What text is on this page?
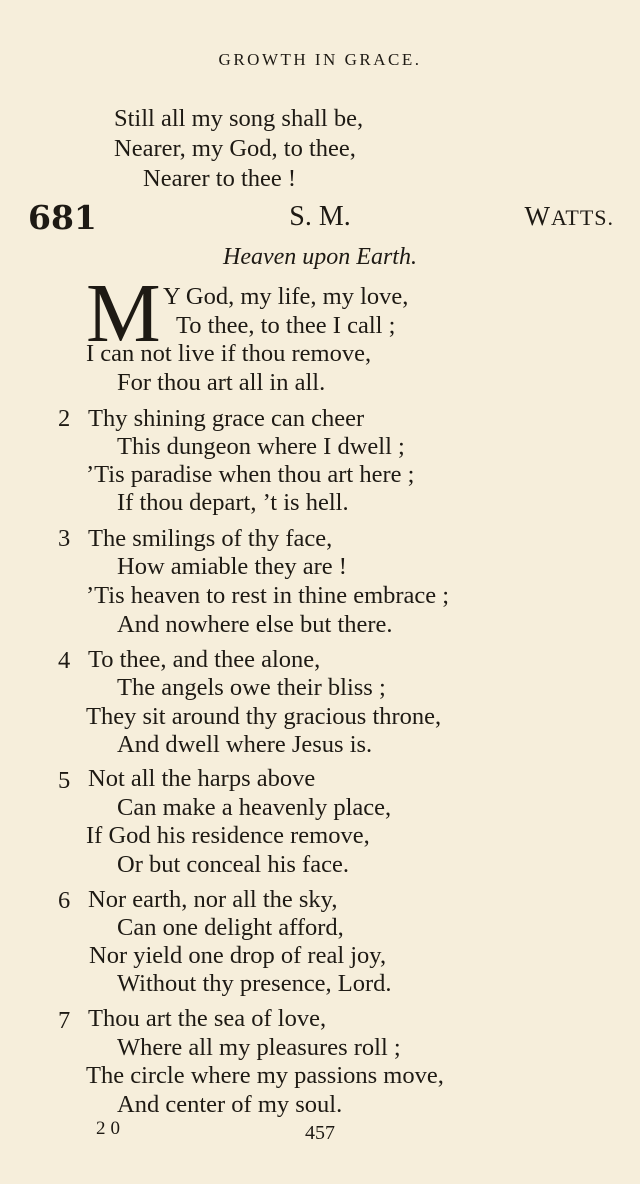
GROWTH IN GRACE.
Still all my song shall be,
Nearer, my God, to thee,
Nearer to thee !
681	S. M.	WATTS.
Heaven upon Earth.
M Y God, my life, my love,
To thee, to thee I call ;
I can not live if thou remove,
For thou art all in all.
2 Thy shining grace can cheer
This dungeon where I dwell ;
’Tis paradise when thou art here ;
If thou depart, ’t is hell.
3 The smilings of thy face,
How amiable they are !
’Tis heaven to rest in thine embrace ;
And nowhere else but there.
4 To thee, and thee alone,
The angels owe their bliss ;
They sit around thy gracious throne,
And dwell where Jesus is.
5 Not all the harps above
Can make a heavenly place,
If God his residence remove,
Or but conceal his face.
6 Nor earth, nor all the sky,
Can one delight afford,
Nor yield one drop of real joy,
Without thy presence, Lord.
7 Thou art the sea of love,
Where all my pleasures roll ;
The circle where my passions move,
And center of my soul.
20	457
